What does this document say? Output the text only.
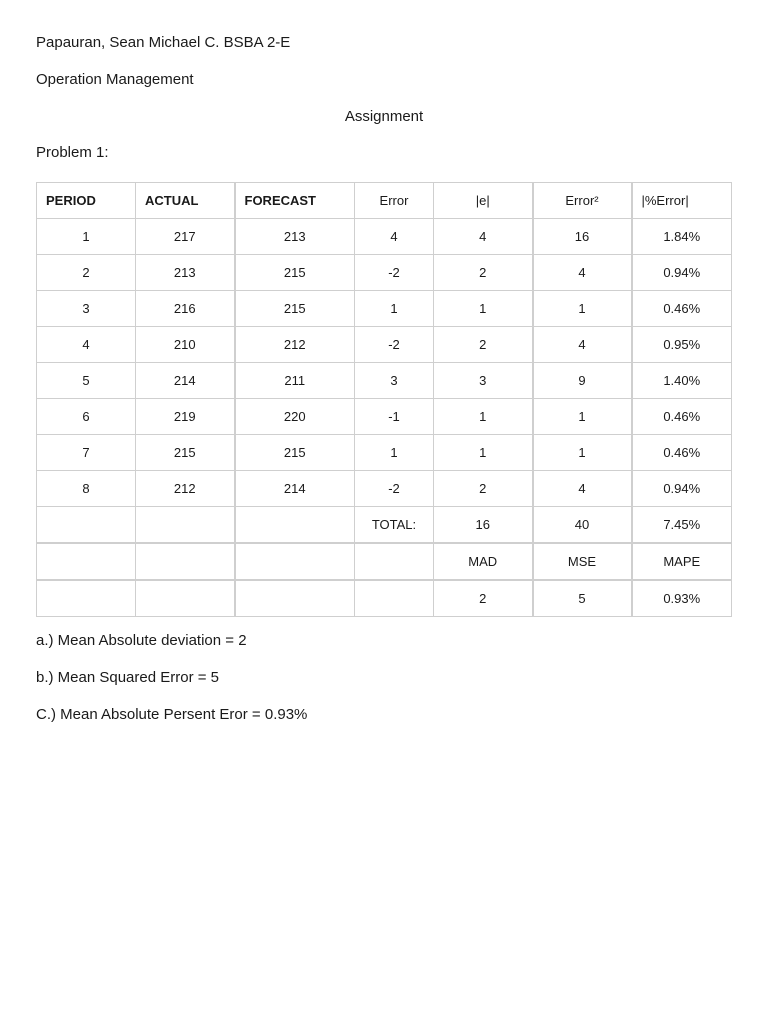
Papauran, Sean Michael C. BSBA 2-E
Operation Management
Assignment
Problem 1:
PERIOD	ACTUAL	FORECAST	Error	|e|	Error²	|%Error|
1	217	213	4	4	16	1.84%
2	213	215	-2	2	4	0.94%
3	216	215	1	1	1	0.46%
4	210	212	-2	2	4	0.95%
5	214	211	3	3	9	1.40%
6	219	220	-1	1	1	0.46%
7	215	215	1	1	1	0.46%
8	212	214	-2	2	4	0.94%
			TOTAL:	16	40	7.45%
				MAD	MSE	MAPE
				2	5	0.93%
a.) Mean Absolute deviation = 2
b.) Mean Squared Error = 5
C.) Mean Absolute Persent Eror = 0.93%
